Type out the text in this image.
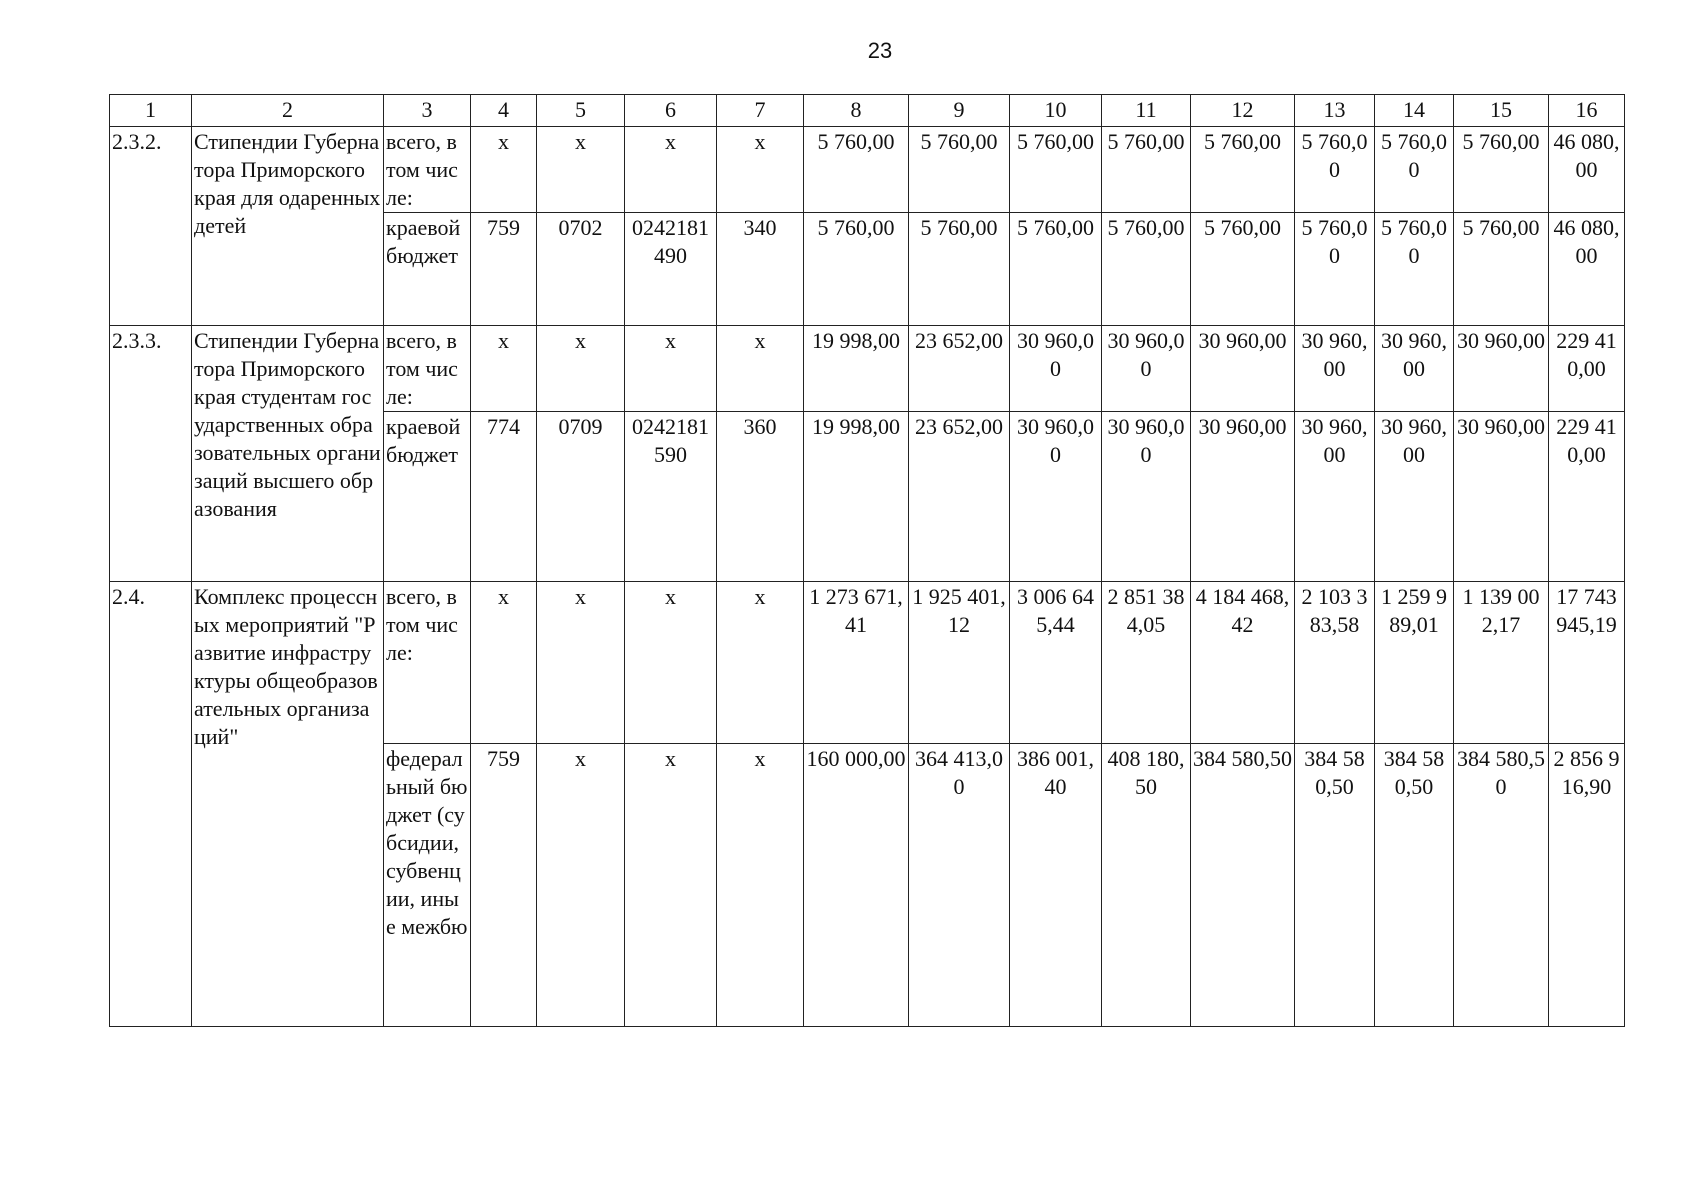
23
1	2	3	4	5	6	7	8	9	10	11	12	13	14	15	16
2.3.2.	Стипендии Губернатора Приморского края для одаренных детей	всего, в том числе:	х	х	х	х	5 760,00	5 760,00	5 760,00	5 760,00	5 760,00	5 760,00	5 760,00	5 760,00	46 080,00
		краевой бюджет	759	0702	0242181490	340	5 760,00	5 760,00	5 760,00	5 760,00	5 760,00	5 760,00	5 760,00	5 760,00	46 080,00
2.3.3.	Стипендии Губернатора Приморского края студентам государственных образовательных организаций высшего образования	всего, в том числе:	х	х	х	х	19 998,00	23 652,00	30 960,00	30 960,00	30 960,00	30 960,00	30 960,00	30 960,00	229 410,00
		краевой бюджет	774	0709	0242181590	360	19 998,00	23 652,00	30 960,00	30 960,00	30 960,00	30 960,00	30 960,00	30 960,00	229 410,00
2.4.	Комплекс процессных мероприятий "Развитие инфраструктуры общеобразовательных организаций"	всего, в том числе:	х	х	х	х	1 273 671,41	1 925 401,12	3 006 645,44	2 851 384,05	4 184 468,42	2 103 383,58	1 259 989,01	1 139 002,17	17 743 945,19
		федеральный бюджет (субсидии, субвенции, иные межбю	759	х	х	х	160 000,00	364 413,00	386 001,40	408 180,50	384 580,50	384 580,50	384 580,50	384 580,50	2 856 916,90
